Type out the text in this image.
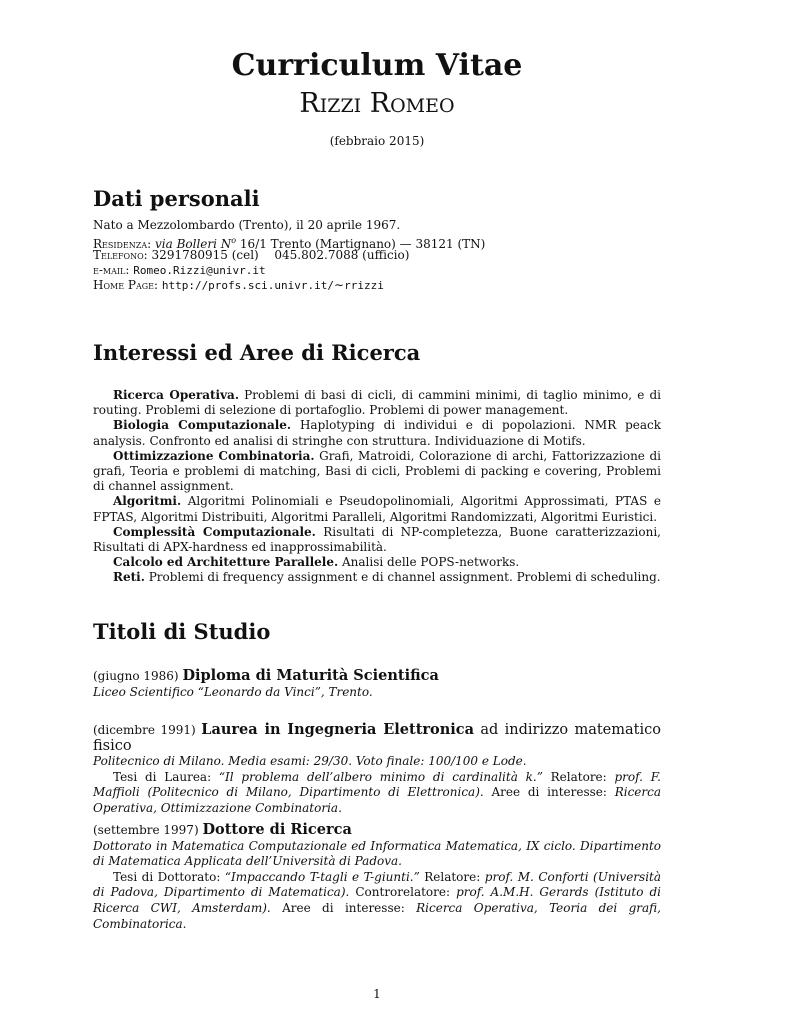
Curriculum Vitae
Rizzi Romeo
(febbraio 2015)
Dati personali
Nato a Mezzolombardo (Trento), il 20 aprile 1967.
Residenza: via Bolleri $N^o$ 16/1 Trento (Martignano) — 38121 (TN)
Telefono: 3291780915 (cel) 045.802.7088 (ufficio)
e-mail: Romeo.Rizzi@univr.it
Home Page: http://profs.sci.univr.it/∼rrizzi
Interessi ed Aree di Ricerca

Ricerca Operativa. Problemi di basi di cicli, di cammini minimi, di taglio minimo, e di routing. Problemi di selezione di portafoglio. Problemi di power management.

Biologia Computazionale. Haplotyping di individui e di popolazioni. NMR peack analysis. Confronto ed analisi di stringhe con struttura. Individuazione di Motifs.

Ottimizzazione Combinatoria. Grafi, Matroidi, Colorazione di archi, Fattorizzazione di grafi, Teoria e problemi di matching, Basi di cicli, Problemi di packing e covering, Problemi di channel assignment.

Algoritmi. Algoritmi Polinomiali e Pseudopolinomiali, Algoritmi Approssimati, PTAS e FPTAS, Algoritmi Distribuiti, Algoritmi Paralleli, Algoritmi Randomizzati, Algoritmi Euristici.

Complessità Computazionale. Risultati di NP-completezza, Buone caratterizzazioni, Risultati di APX-hardness ed inapprossimabilità.

Calcolo ed Architetture Parallele. Analisi delle POPS-networks.

Reti. Problemi di frequency assignment e di channel assignment. Problemi di scheduling.

Titoli di Studio

(giugno 1986) Diploma di Maturità Scientifica

Liceo Scientifico “Leonardo da Vinci”, Trento.

(dicembre 1991) Laurea in Ingegneria Elettronica ad indirizzo matematico fisico

Politecnico di Milano. Media esami: 29/30. Voto finale: 100/100 e Lode.

Tesi di Laurea: “Il problema dell’albero minimo di cardinalità k.” Relatore: prof. F. Maffioli (Politecnico di Milano, Dipartimento di Elettronica). Aree di interesse: Ricerca Operativa, Ottimizzazione Combinatoria.

(settembre 1997) Dottore di Ricerca

Dottorato in Matematica Computazionale ed Informatica Matematica, IX ciclo. Dipartimento di Matematica Applicata dell’Università di Padova.

Tesi di Dottorato: “Impaccando T-tagli e T-giunti.” Relatore: prof. M. Conforti (Università di Padova, Dipartimento di Matematica). Controrelatore: prof. A.M.H. Gerards (Istituto di Ricerca CWI, Amsterdam). Aree di interesse: Ricerca Operativa, Teoria dei grafi, Combinatorica.

1
